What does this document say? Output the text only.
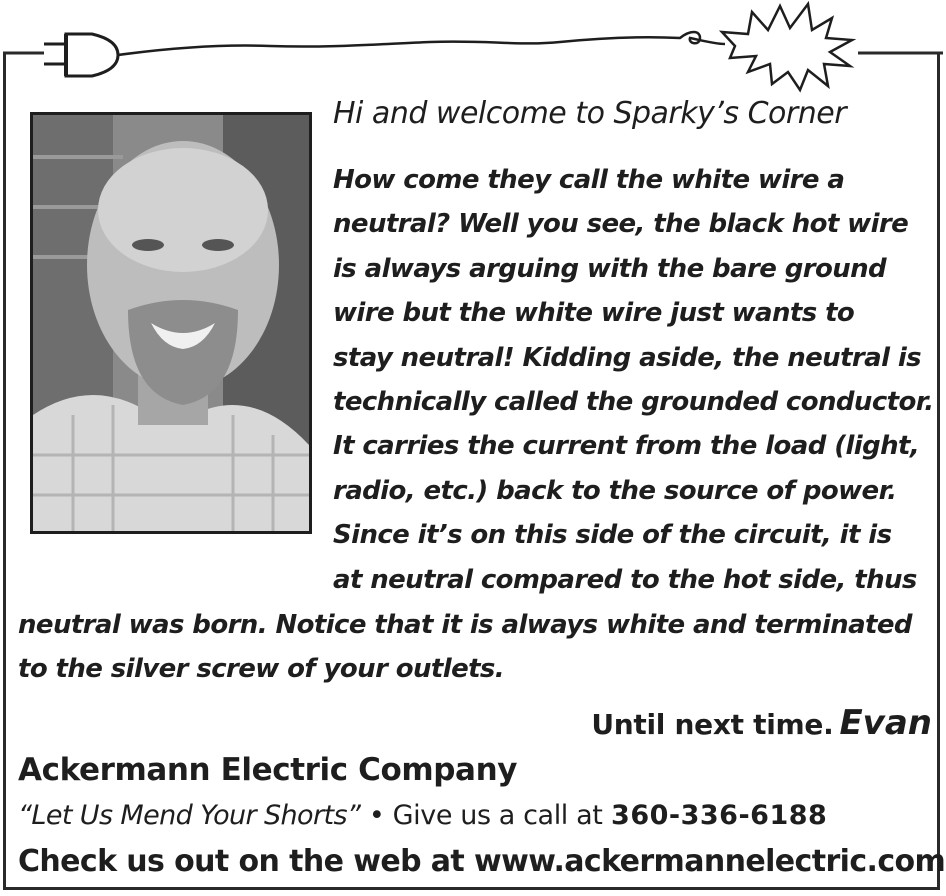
Hi and welcome to Sparky’s Corner
How come they call the white wire a
neutral? Well you see, the black hot wire
is always arguing with the bare ground
wire but the white wire just wants to
stay neutral! Kidding aside, the neutral is
technically called the grounded conductor.
It carries the current from the load (light,
radio, etc.) back to the source of power.
Since it’s on this side of the circuit, it is
at neutral compared to the hot side, thus
neutral was born. Notice that it is always white and terminated
to the silver screw of your outlets.
Until next time. Evan
Ackermann Electric Company
“Let Us Mend Your Shorts” • Give us a call at 360-336-6188
Check us out on the web at www.ackermannelectric.com
